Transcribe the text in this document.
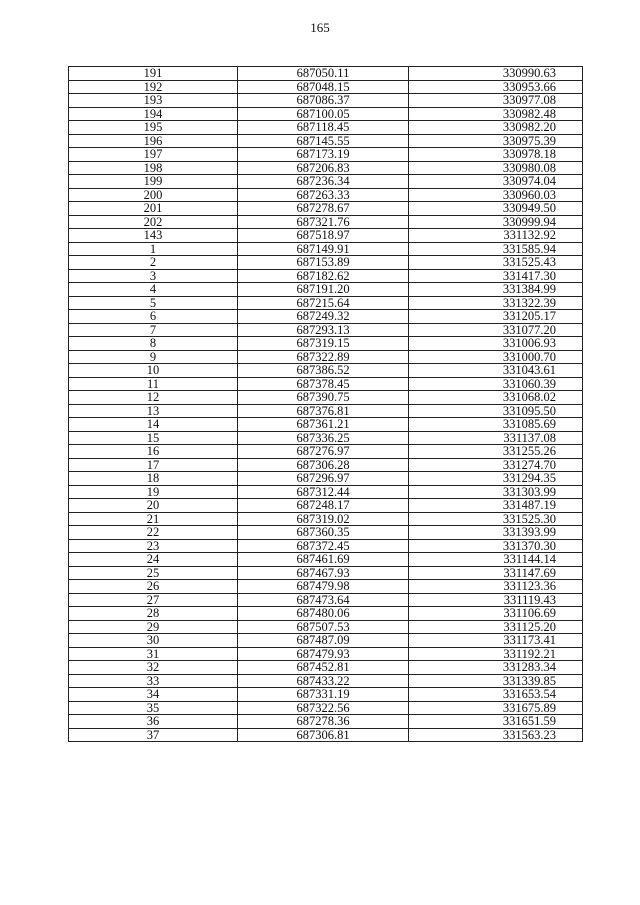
165
191	687050.11	330990.63
192	687048.15	330953.66
193	687086.37	330977.08
194	687100.05	330982.48
195	687118.45	330982.20
196	687145.55	330975.39
197	687173.19	330978.18
198	687206.83	330980.08
199	687236.34	330974.04
200	687263.33	330960.03
201	687278.67	330949.50
202	687321.76	330999.94
143	687518.97	331132.92
1	687149.91	331585.94
2	687153.89	331525.43
3	687182.62	331417.30
4	687191.20	331384.99
5	687215.64	331322.39
6	687249.32	331205.17
7	687293.13	331077.20
8	687319.15	331006.93
9	687322.89	331000.70
10	687386.52	331043.61
11	687378.45	331060.39
12	687390.75	331068.02
13	687376.81	331095.50
14	687361.21	331085.69
15	687336.25	331137.08
16	687276.97	331255.26
17	687306.28	331274.70
18	687296.97	331294.35
19	687312.44	331303.99
20	687248.17	331487.19
21	687319.02	331525.30
22	687360.35	331393.99
23	687372.45	331370.30
24	687461.69	331144.14
25	687467.93	331147.69
26	687479.98	331123.36
27	687473.64	331119.43
28	687480.06	331106.69
29	687507.53	331125.20
30	687487.09	331173.41
31	687479.93	331192.21
32	687452.81	331283.34
33	687433.22	331339.85
34	687331.19	331653.54
35	687322.56	331675.89
36	687278.36	331651.59
37	687306.81	331563.23
